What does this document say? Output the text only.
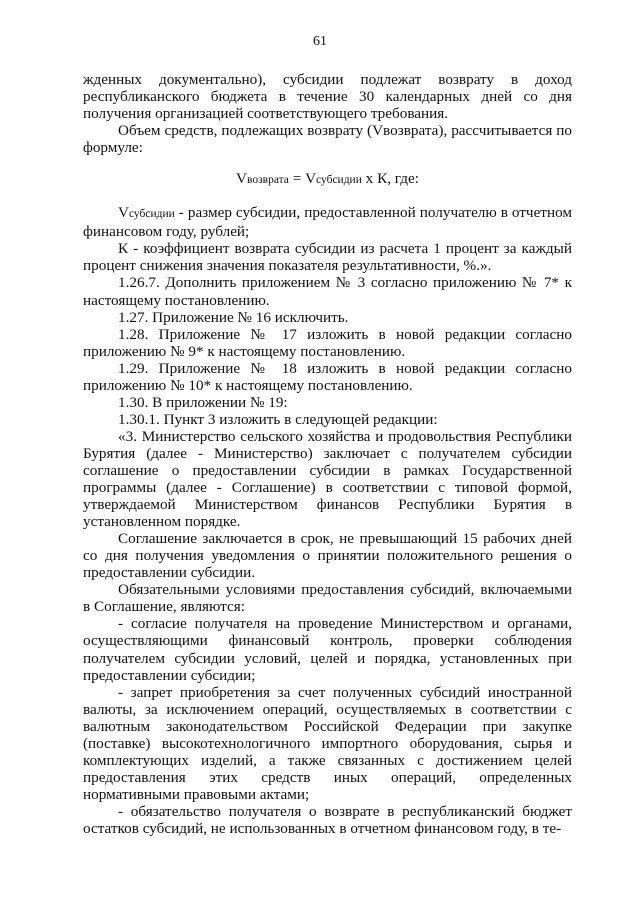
61

жденных документально), субсидии подлежат возврату в доход республиканского бюджета в течение 30 календарных дней со дня получения организацией соответствующего требования.

Объем средств, подлежащих возврату (Vвозврата), рассчитывается по формуле:

Vвозврата = Vсубсидии х К, где:

Vсубсидии - размер субсидии, предоставленной получателю в отчетном финансовом году, рублей;

К - коэффициент возврата субсидии из расчета 1 процент за каждый процент снижения значения показателя результативности, %.».

1.26.7. Дополнить приложением № 3 согласно приложению № 7* к настоящему постановлению.

1.27. Приложение № 16 исключить.

1.28. Приложение № 17 изложить в новой редакции согласно приложению № 9* к настоящему постановлению.

1.29. Приложение № 18 изложить в новой редакции согласно приложению № 10* к настоящему постановлению.

1.30. В приложении № 19:

1.30.1. Пункт 3 изложить в следующей редакции:

«3. Министерство сельского хозяйства и продовольствия Республики Бурятия (далее - Министерство) заключает с получателем субсидии соглашение о предоставлении субсидии в рамках Государственной программы (далее - Соглашение) в соответствии с типовой формой, утверждаемой Министерством финансов Республики Бурятия в установленном порядке.

Соглашение заключается в срок, не превышающий 15 рабочих дней со дня получения уведомления о принятии положительного решения о предоставлении субсидии.

Обязательными условиями предоставления субсидий, включаемыми в Соглашение, являются:

- согласие получателя на проведение Министерством и органами, осуществляющими финансовый контроль, проверки соблюдения получателем субсидии условий, целей и порядка, установленных при предоставлении субсидии;

- запрет приобретения за счет полученных субсидий иностранной валюты, за исключением операций, осуществляемых в соответствии с валютным законодательством Российской Федерации при закупке (поставке) высокотехнологичного импортного оборудования, сырья и комплектующих изделий, а также связанных с достижением целей предоставления этих средств иных операций, определенных нормативными правовыми актами;

- обязательство получателя о возврате в республиканский бюджет остатков субсидий, не использованных в отчетном финансовом году, в те-
